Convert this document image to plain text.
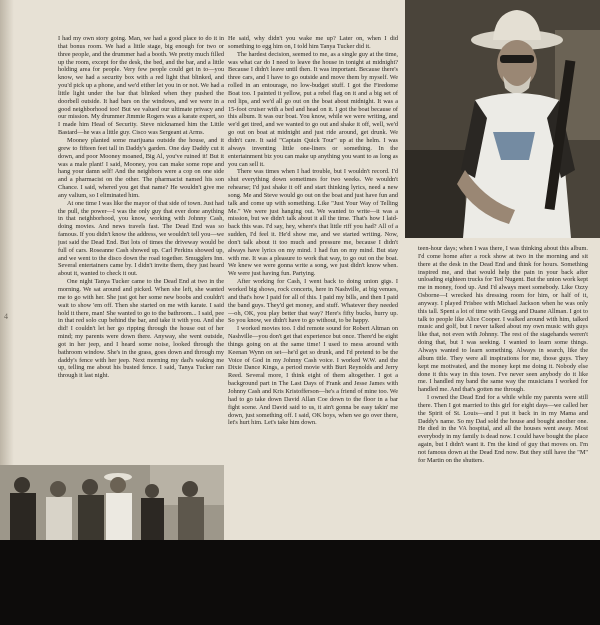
4

I had my own story going. Man, we had a good place to do it in that bonus room. We had a little stage, big enough for two or three people, and the drummer had a booth. We pretty much filled up the room, except for the desk, the bed, and the bar, and a little holding area for people. Very few people could get in to—you know, we had a security box with a red light that blinked, and you'd pick up a phone, and we'd either let you in or not. We had a little light under the bar that blinked when they pushed the doorbell outside. It had bars on the windows, and we were in a good neighborhood too! But we valued our ultimate privacy and our mission. My drummer Jimmie Rogers was a karate expert, so I made him Head of Security. Steve nicknamed him the Little Bastard—he was a little guy. Cisco was Sergeant at Arms.

Mooney planted some marijuana outside the house, and it grew to fifteen feet tall in Daddy's garden. One day Daddy cut it down, and poor Mooney moaned, Big Al, you've ruined it! But it was a male plant! I said, Mooney, you can make some rope and hang your damn self! And the neighbors were a cop on one side and a pharmacist on the other. The pharmacist named his son Chance. I said, whered you get that name? He wouldn't give me any valium, so I eliminated him.

At one time I was like the mayor of that side of town. Just had the pull, the power—I was the only guy that ever done anything in that neighborhood, you know, working with Johnny Cash, doing movies. And news travels fast. The Dead End was so famous. If you didn't know the address, we wouldn't tell you—we just said the Dead End. But lots of times the driveway would be full of cars. Roseanne Cash showed up. Carl Perkins showed up, and we went to the disco down the road together. Smugglers Inn. Several entertainers came by. I didn't invite them, they just heard about it, wanted to check it out.

One night Tanya Tucker came to the Dead End at two in the morning. We sat around and picked. When she left, she wanted me to go with her. She just got her some new boobs and couldn't wait to show 'em off. Then she started on me with karate. I said hold it there, man! She wanted to go to the bathroom... I said, pee in that red solo cup behind the bar, and take it with you. And she did! I couldn't let her go ripping through the house out of her mind; my parents were down there. Anyway, she went outside, got in her jeep, and I heard some noise, looked through the bathroom window. She's in the grass, goes down and through my daddy's fence with her jeep. Next morning my dad's waking me up, telling me about his busted fence. I said, Tanya Tucker ran through it last night.

He said, why didn't you wake me up? Later on, when I did something to egg him on, I told him Tanya Tucker did it.

The hardest decision, seemed to me, as a single guy at the time, was what car do I need to leave the house in tonight at midnight? Because I didn't leave until then. It was important. Because there's three cars, and I have to go outside and move them by myself. We rolled in an entourage, no low-budget stuff. I got the Firedome Boat too. I painted it yellow, put a rebel flag on it and a big set of red lips, and we'd all go out on the boat about midnight. It was a 15-foot cruiser with a bed and head on it. I got the boat because of this album. It was our boat. You know, while we were writing, and we'd get tired, and we wanted to go out and shake it off, well, we'd go out on boat at midnight and just ride around, get drunk. We didn't care. It said "Captain Quick Tour" up at the helm. I was always inventing little one-liners or something. In the entertainment biz you can make up anything you want to as long as you can sell it.

There was times when I had trouble, but I wouldn't record. I'd shut everything down sometimes for two weeks. We wouldn't rehearse; I'd just shake it off and start thinking lyrics, need a new song. Me and Steve would go out on the boat and just have fun and talk and come up with something. Like "Just Your Way of Telling Me." We were just hanging out. We wanted to write—it was a mission, but we didn't talk about it all the time. That's how I laid-back this was. I'd say, hey, where's that little riff you had? All of a sudden, I'd feel it. He'd show me, and we started writing. Now, don't talk about it too much and pressure me, because I didn't always have lyrics on my mind. I had fun on my mind. But stay with me. It was a pleasure to work that way, to go out on the boat. We knew we were gonna write a song, we just didn't know when. We were just having fun. Partying.

After working for Cash, I went back to doing union gigs. I worked big shows, rock concerts, here in Nashville, at big venues, and that's how I paid for all of this. I paid my bills, and then I paid the band guys. They'd get money, and stuff. Whatever they needed—oh, OK, you play better that way? Here's fifty bucks, hurry up. So you know, we didn't have to go without, to be happy.

I worked movies too. I did remote sound for Robert Altman on Nashville—you don't get that experience but once. There'd be eight things going on at the same time! I used to mess around with Keenan Wynn on set—he'd get so drunk, and I'd pretend to be the Voice of God in my Johnny Cash voice. I worked W.W. and the Dixie Dance Kings, a period movie with Burt Reynolds and Jerry Reed. Several more, I think eight of them altogether. I got a background part in The Last Days of Frank and Jesse James with Johnny Cash and Kris Kristofferson—he's a friend of mine too. We had to go take down David Allan Coe down to the floor in a bar fight scene. And David said to us, it ain't gonna be easy takin' me down, just something off. I said, OK boys, when we go over there, let's hurt him. Let's take him down.

teen-hour days; when I was there, I was thinking about this album. I'd come home after a rock show at two in the morning and sit there at the desk in the Dead End and think for hours. Something inspired me, and that would help the pain in your back after unloading eighteen trucks for Ted Nugent. But the union work kept me in money, food up. And I'd always meet somebody. Like Ozzy Osborne—I wrecked his dressing room for him, or half of it, anyway. I played Frisbee with Michael Jackson when he was only this tall. Spent a lot of time with Gregg and Duane Allman. I got to talk to people like Alice Cooper. I walked around with him, talked music and golf, but I never talked about my own music with guys like that, not even with Johnny. The rest of the stagehands weren't doing that, but I was seeking. I wanted to learn some things. Always wanted to learn something. Always in search, like the album title. They were all inspirations for me, those guys. They kept me motivated, and the money kept me doing it. Nobody else done it this way in this town. I've never seen anybody do it like me. I handled my band the same way the musicians I worked for handled me. And that's gotten me through.

I owned the Dead End for a while while my parents were still there. Then I got married to this girl for eight days—we called her the Spirit of St. Louis—and I put it back in in my Mama and Daddy's name. So my Dad sold the house and bought another one. He died in the VA hospital, and all the houses went away. Most everybody in my family is dead now. I could have bought the place again, but I didn't want it. I'm the kind of guy that moves on. I'm not famous down at the Dead End now. But they still have the "M" for Martin on the shutters.
